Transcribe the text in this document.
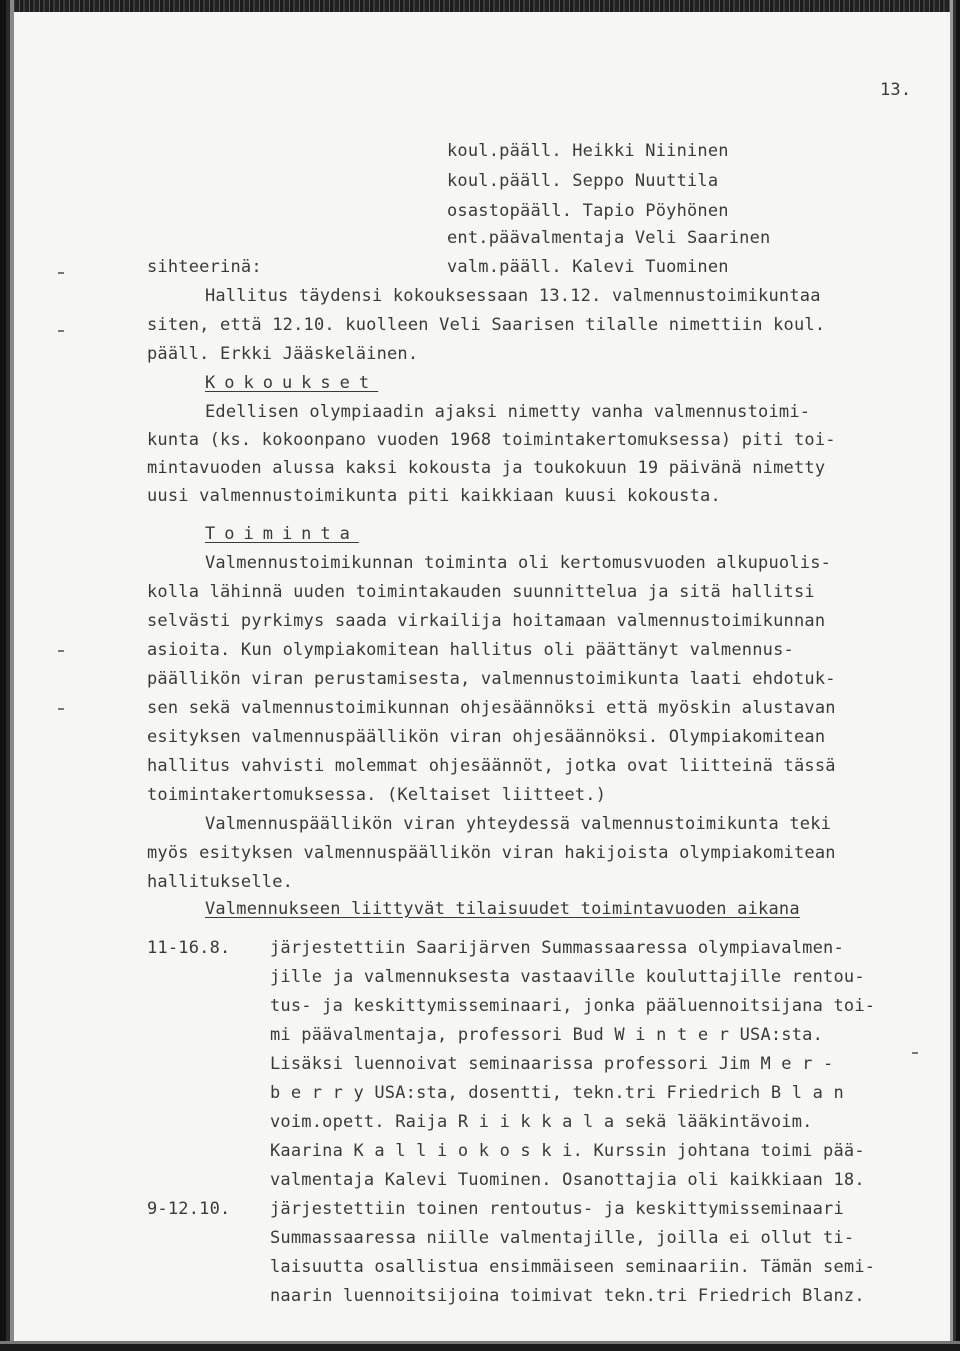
13.
koul.pääll. Heikki Niininen
koul.pääll. Seppo Nuuttila
osastopääll. Tapio Pöyhönen
ent.päävalmentaja Veli Saarinen
sihteerinä:	valm.pääll. Kalevi Tuominen
Hallitus täydensi kokouksessaan 13.12. valmennustoimikuntaa
siten, että 12.10. kuolleen Veli Saarisen tilalle nimettiin koul.
pääll. Erkki Jääskeläinen.
Kokoukset
Edellisen olympiaadin ajaksi nimetty vanha valmennustoimi-
kunta (ks. kokoonpano vuoden 1968 toimintakertomuksessa) piti toi-
mintavuoden alussa kaksi kokousta ja toukokuun 19 päivänä nimetty
uusi valmennustoimikunta piti kaikkiaan kuusi kokousta.
Toiminta
Valmennustoimikunnan toiminta oli kertomusvuoden alkupuolis-
kolla lähinnä uuden toimintakauden suunnittelua ja sitä hallitsi
selvästi pyrkimys saada virkailija hoitamaan valmennustoimikunnan
asioita. Kun olympiakomitean hallitus oli päättänyt valmennus-
päällikön viran perustamisesta, valmennustoimikunta laati ehdotuk-
sen sekä valmennustoimikunnan ohjesäännöksi että myöskin alustavan
esityksen valmennuspäällikön viran ohjesäännöksi. Olympiakomitean
hallitus vahvisti molemmat ohjesäännöt, jotka ovat liitteinä tässä
toimintakertomuksessa. (Keltaiset liitteet.)
Valmennuspäällikön viran yhteydessä valmennustoimikunta teki
myös esityksen valmennuspäällikön viran hakijoista olympiakomitean
hallitukselle.
Valmennukseen liittyvät tilaisuudet toimintavuoden aikana
11-16.8. järjestettiin Saarijärven Summassaaressa olympiavalmen-
jille ja valmennuksesta vastaaville kouluttajille rentou-
tus- ja keskittymisseminaari, jonka pääluennoitsijana toi-
mi päävalmentaja, professori Bud W i n t e r USA:sta.
Lisäksi luennoivat seminaarissa professori Jim M e r -
b e r r y USA:sta, dosentti, tekn.tri Friedrich B l a n
voim.opett. Raija R i i k k a l a sekä lääkintävoim.
Kaarina K a l l i o k o s k i. Kurssin johtana toimi pää-
valmentaja Kalevi Tuominen. Osanottajia oli kaikkiaan 18.
9-12.10. järjestettiin toinen rentoutus- ja keskittymisseminaari
Summassaaressa niille valmentajille, joilla ei ollut ti-
laisuutta osallistua ensimmäiseen seminaariin. Tämän semi-
naarin luennoitsijoina toimivat tekn.tri Friedrich Blanz.
